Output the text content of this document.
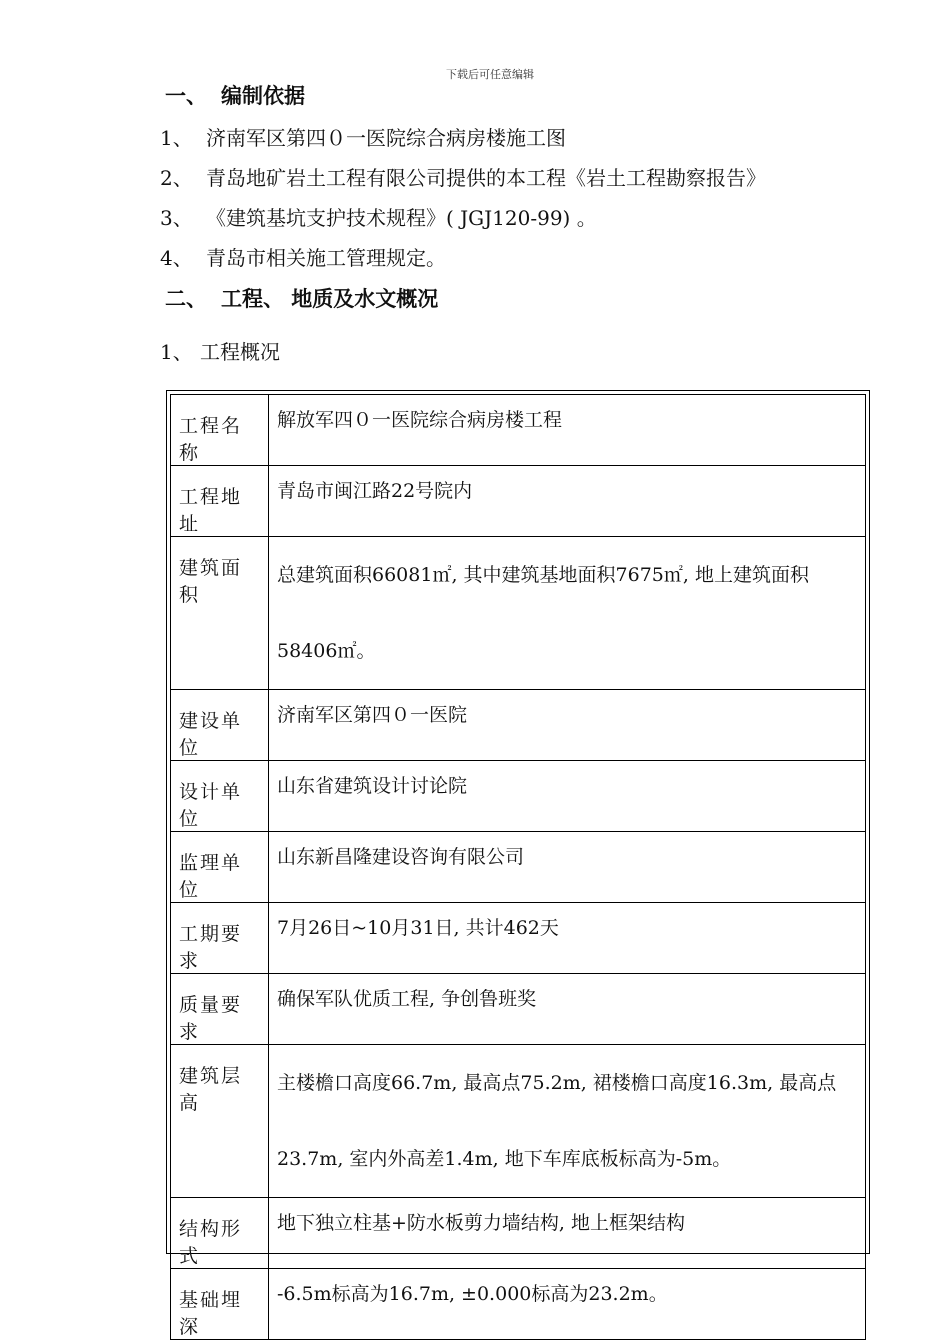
下载后可任意编辑
一、 编制依据
1、 济南军区第四０一医院综合病房楼施工图
2、 青岛地矿岩土工程有限公司提供的本工程《岩土工程勘察报告》
3、 《建筑基坑支护技术规程》( JGJ120-99) 。
4、 青岛市相关施工管理规定。
二、 工程、 地质及水文概况
1、 工程概况
工程名称	解放军四０一医院综合病房楼工程
工程地址	青岛市闽江路22号院内
建筑面积	总建筑面积66081㎡, 其中建筑基地面积7675㎡, 地上建筑面积58406㎡。
建设单位	济南军区第四０一医院
设计单位	山东省建筑设计讨论院
监理单位	山东新昌隆建设咨询有限公司
工期要求	7月26日~10月31日, 共计462天
质量要求	确保军队优质工程, 争创鲁班奖
建筑层高	主楼檐口高度66.7m, 最高点75.2m, 裙楼檐口高度16.3m, 最高点23.7m, 室内外高差1.4m, 地下车库底板标高为-5m。
结构形式	地下独立柱基+防水板剪力墙结构, 地上框架结构
基础埋深	-6.5m标高为16.7m, ±0.000标高为23.2m。
